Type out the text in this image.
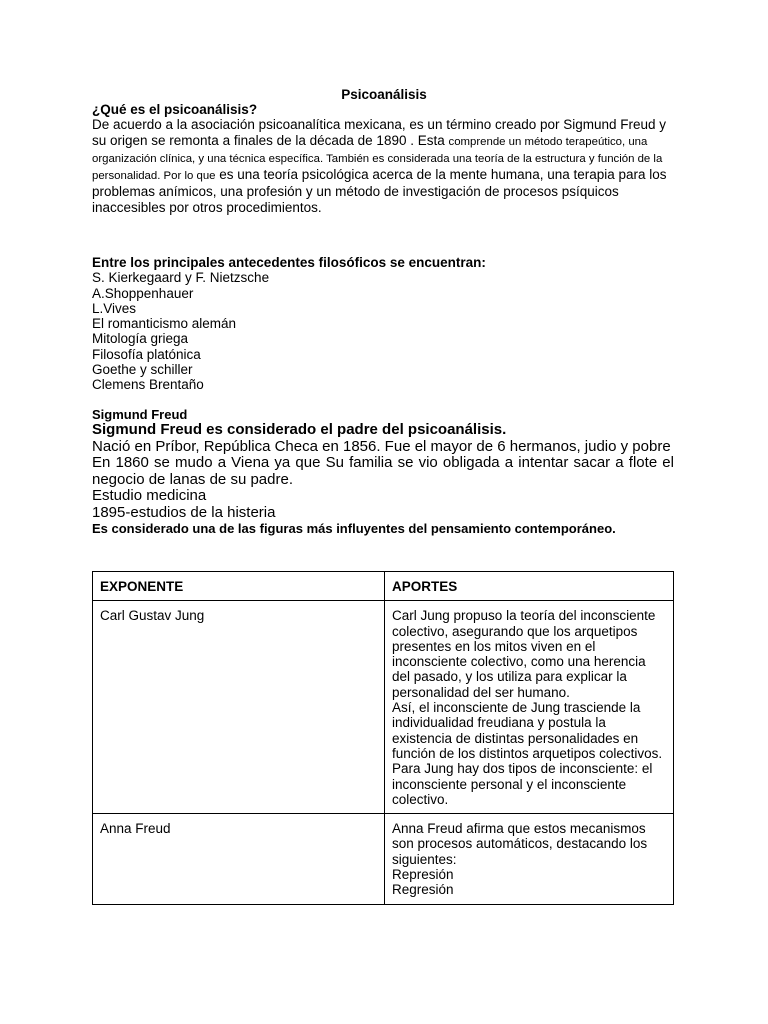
Psicoanálisis
¿Qué es el psicoanálisis?
De acuerdo a la asociación psicoanalítica mexicana, es un término creado por Sigmund Freud y su origen se remonta a finales de la década de 1890 . Esta comprende un método terapeútico, una organización clínica, y una técnica específica. También es considerada una teoría de la estructura y función de la personalidad. Por lo que es una teoría psicológica acerca de la mente humana, una terapia para los problemas anímicos, una profesión y un método de investigación de procesos psíquicos inaccesibles por otros procedimientos.
Entre los principales antecedentes filosóficos se encuentran:
S. Kierkegaard y F. Nietzsche
A.Shoppenhauer
L.Vives
El romanticismo alemán
Mitología griega
Filosofía platónica
Goethe y schiller
Clemens Brentaño
Sigmund Freud
Sigmund Freud es considerado el padre del psicoanálisis.
Nació en Príbor, República Checa en 1856. Fue el mayor de 6 hermanos, judio y pobre
En 1860 se mudo a Viena ya que Su familia se vio obligada a intentar sacar a flote el negocio de lanas de su padre.
Estudio medicina
1895-estudios de la histeria
Es considerado una de las figuras más influyentes del pensamiento contemporáneo.
EXPONENTE	APORTES
Carl Gustav Jung	Carl Jung propuso la teoría del inconsciente colectivo, asegurando que los arquetipos presentes en los mitos viven en el inconsciente colectivo, como una herencia del pasado, y los utiliza para explicar la personalidad del ser humano.
Así, el inconsciente de Jung trasciende la individualidad freudiana y postula la existencia de distintas personalidades en función de los distintos arquetipos colectivos.
Para Jung hay dos tipos de inconsciente: el inconsciente personal y el inconsciente colectivo.

Anna Freud	Anna Freud afirma que estos mecanismos son procesos automáticos, destacando los siguientes:
Represión
Regresión
